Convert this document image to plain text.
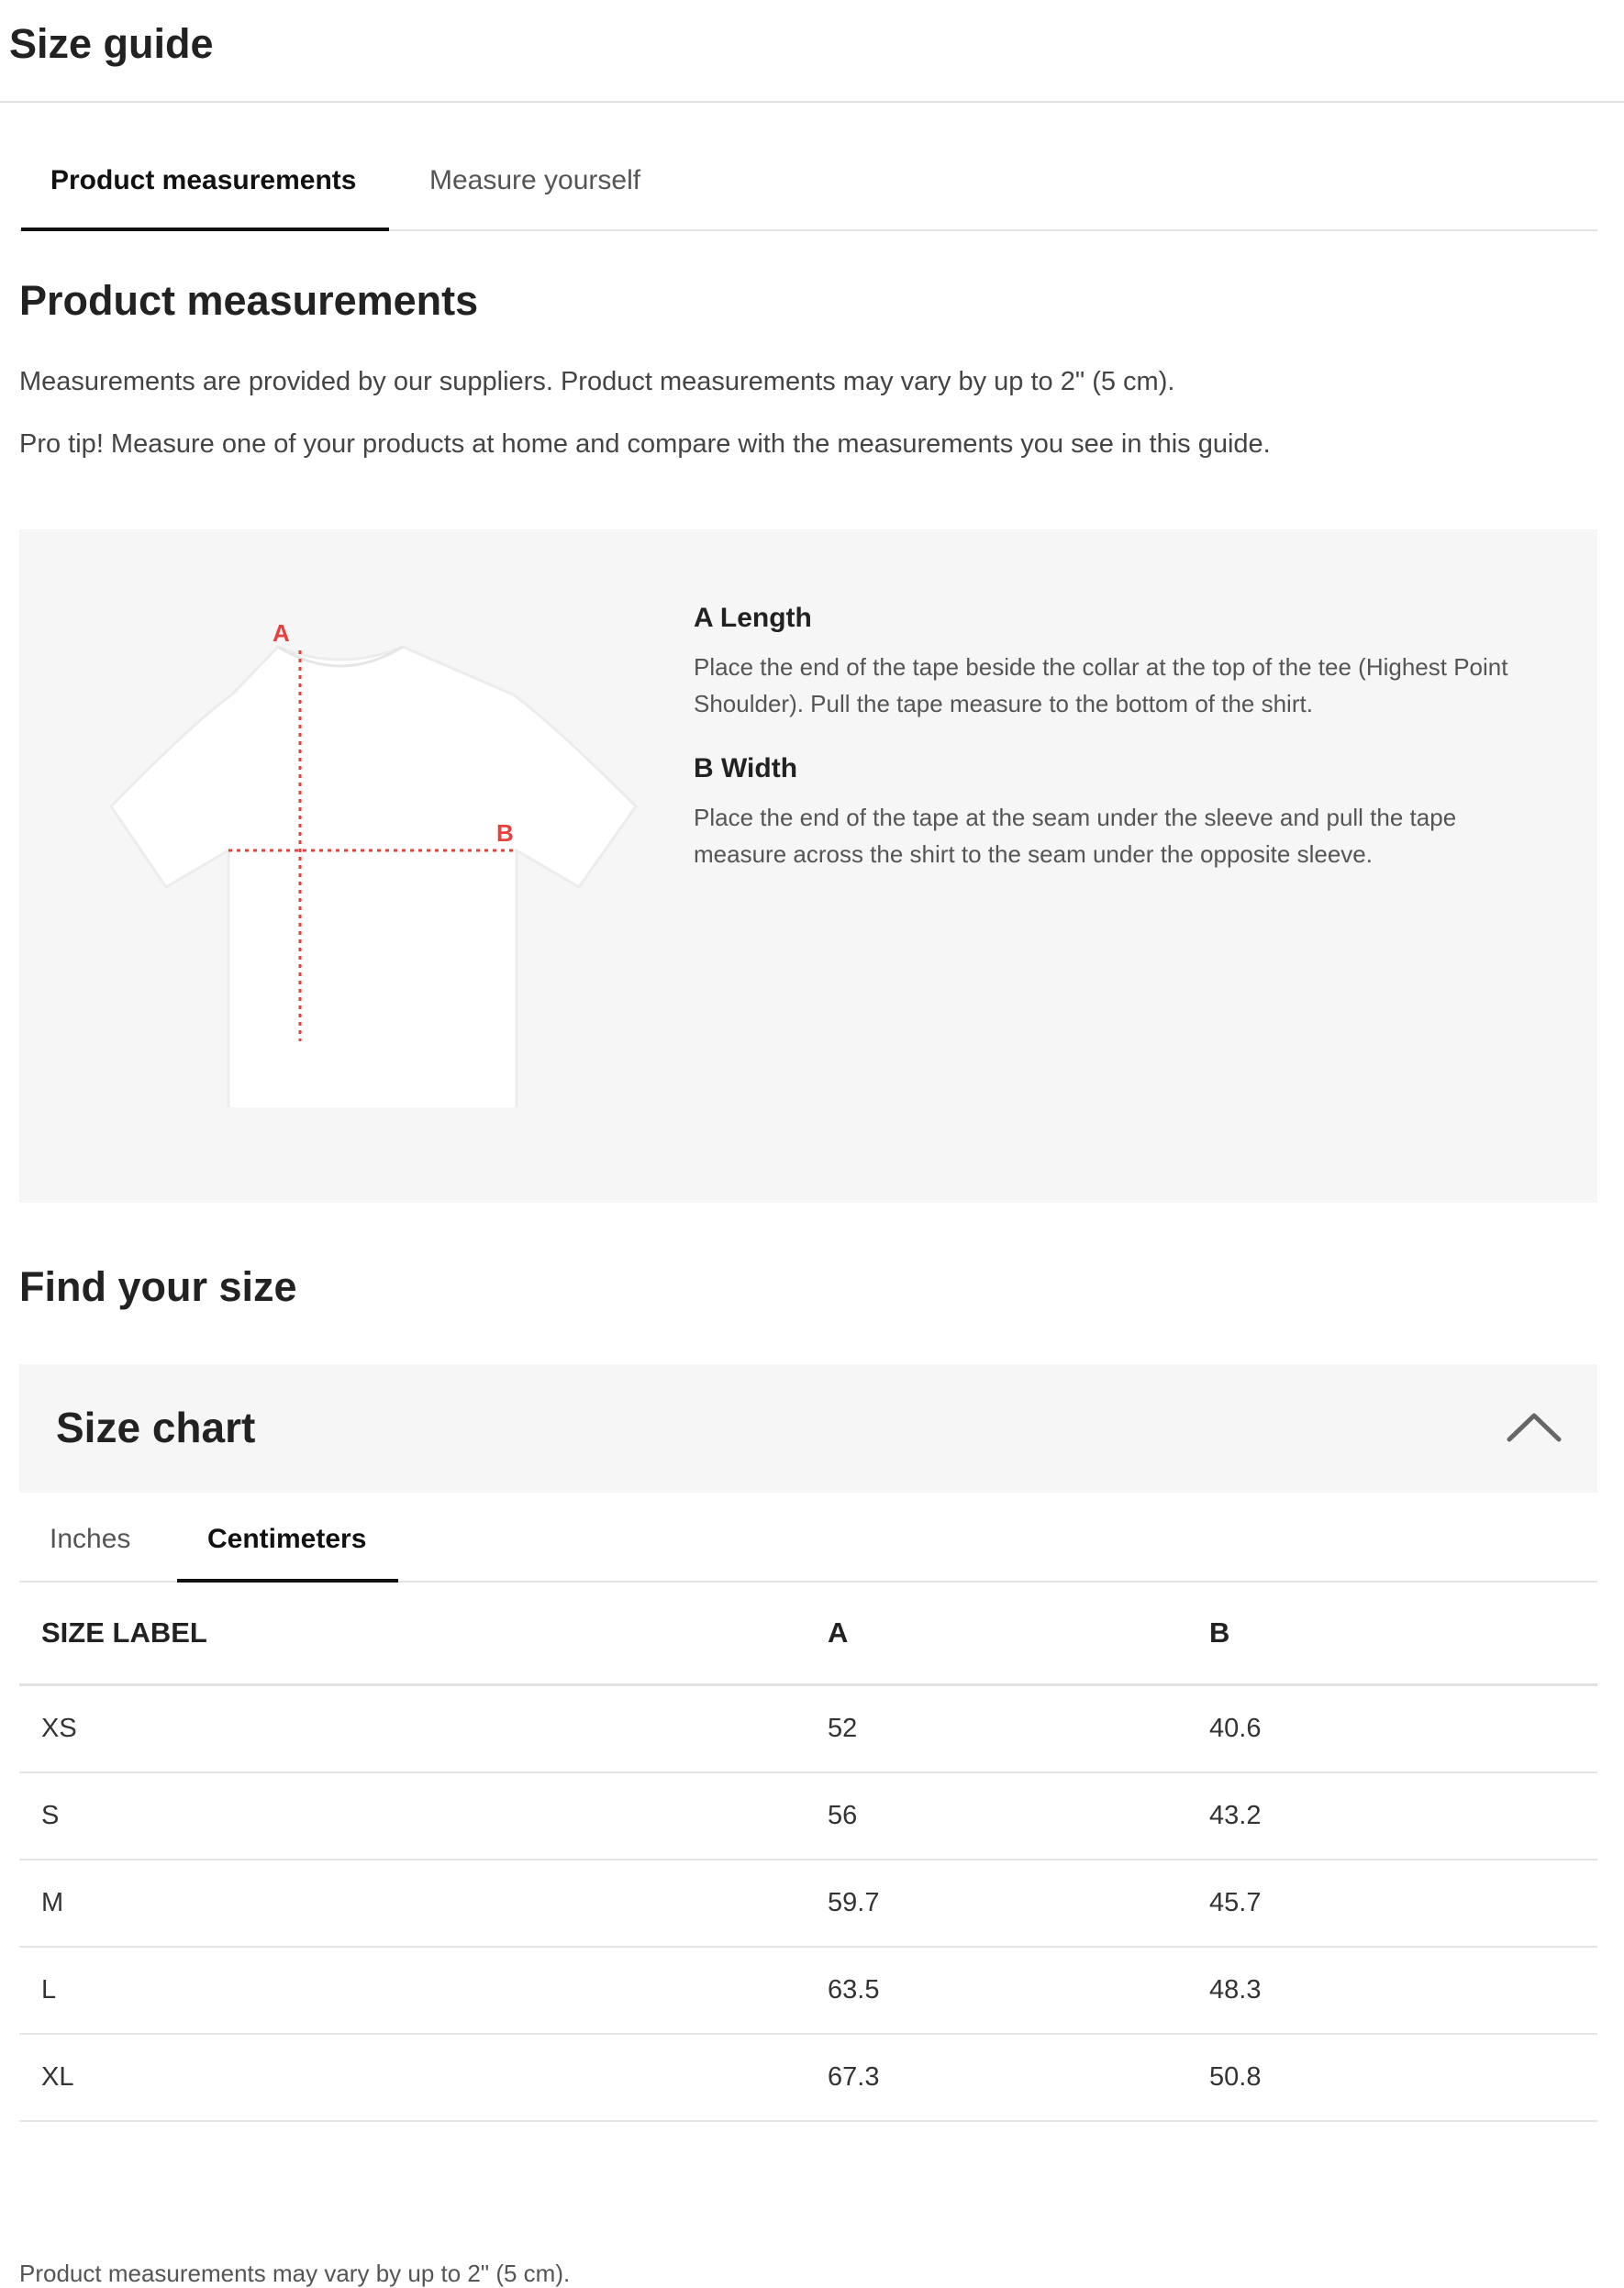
Size guide
Product measurements	Measure yourself
Product measurements

Measurements are provided by our suppliers. Product measurements may vary by up to 2" (5 cm).

Pro tip! Measure one of your products at home and compare with the measurements you see in this guide.

A
B
A Length

Place the end of the tape beside the collar at the top of the tee (Highest Point Shoulder). Pull the tape measure to the bottom of the shirt.

B Width

Place the end of the tape at the seam under the sleeve and pull the tape measure across the shirt to the seam under the opposite sleeve.

Find your size
Size chart
Inches	Centimeters
SIZE LABEL	A	B
XS	52	40.6
S	56	43.2
M	59.7	45.7
L	63.5	48.3
XL	67.3	50.8

Product measurements may vary by up to 2" (5 cm).
